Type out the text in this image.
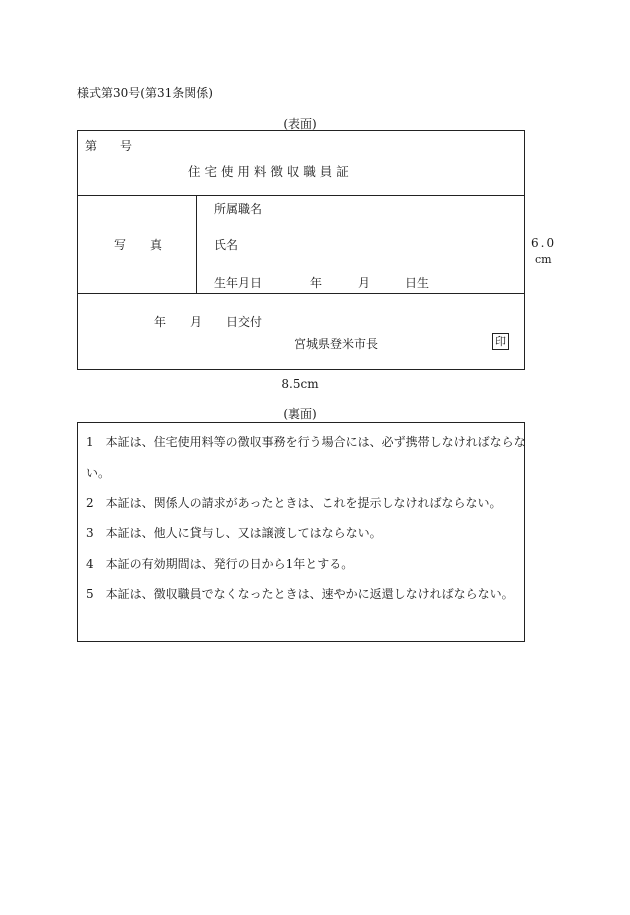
様式第30号(第31条関係)
(表面)
第 号
住 宅 使 用 料 徴 収 職 員 証
写　　真
所属職名
氏名
生年月日	年	月	日生
年 月 日交付
宮城県登米市長	印
6.0
cm
8.5cm
(裏面)
1　本証は、住宅使用料等の徴収事務を行う場合には、必ず携帯しなければならな
い。
2　本証は、関係人の請求があったときは、これを提示しなければならない。
3　本証は、他人に貸与し、又は譲渡してはならない。
4　本証の有効期間は、発行の日から1年とする。
5　本証は、徴収職員でなくなったときは、速やかに返還しなければならない。
